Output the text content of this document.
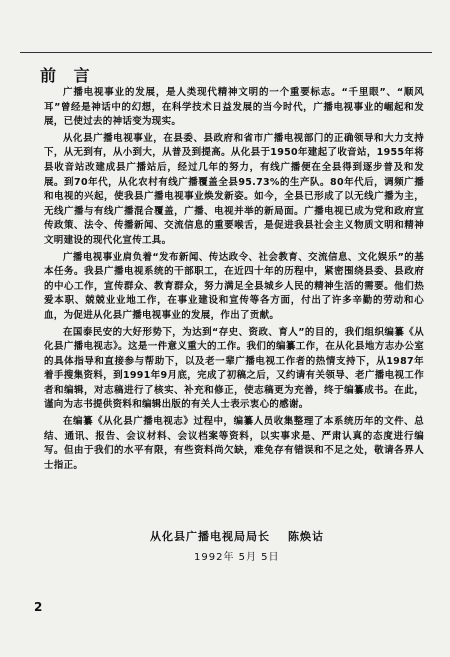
前 言

广播电视事业的发展，是人类现代精神文明的一个重要标志。“千里眼”、“顺风耳”曾经是神话中的幻想，在科学技术日益发展的当今时代，广播电视事业的崛起和发展，已使过去的神话变为现实。

从化县广播电视事业，在县委、县政府和省市广播电视部门的正确领导和大力支持下，从无到有，从小到大，从普及到提高。从化县于1950年建起了收音站，1955年将县收音站改建成县广播站后，经过几年的努力，有线广播便在全县得到逐步普及和发展。到70年代，从化农村有线广播覆盖全县95.73%的生产队。80年代后，调频广播和电视的兴起，使我县广播电视事业焕发新姿。如今，全县已形成了以无线广播为主，无线广播与有线广播混合覆盖，广播、电视并举的新局面。广播电视已成为党和政府宣传政策、法令、传播新闻、交流信息的重要喉舌，是促进我县社会主义物质文明和精神文明建设的现代化宣传工具。

广播电视事业肩负着“发布新闻、传达政令、社会教育、交流信息、文化娱乐”的基本任务。我县广播电视系统的干部职工，在近四十年的历程中，紧密围绕县委、县政府的中心工作，宣传群众、教育群众，努力满足全县城乡人民的精神生活的需要。他们热爱本职、兢兢业业地工作，在事业建设和宣传等各方面，付出了许多辛勤的劳动和心血，为促进从化县广播电视事业的发展，作出了贡献。

在国泰民安的大好形势下，为达到“存史、资政、育人”的目的，我们组织编纂《从化县广播电视志》。这是一件意义重大的工作。我们的编纂工作，在从化县地方志办公室的具体指导和直接参与帮助下，以及老一辈广播电视工作者的热情支持下，从1987年着手搜集资料，到1991年9月底，完成了初稿之后，又约请有关领导、老广播电视工作者和编辑，对志稿进行了核实、补充和修正，使志稿更为充善，终于编纂成书。在此，谨向为志书提供资料和编辑出版的有关人士表示衷心的感谢。

在编纂《从化县广播电视志》过程中，编纂人员收集整理了本系统历年的文件、总结、通讯、报告、会议材料、会议档案等资料，以实事求是、严肃认真的态度进行编写。但由于我们的水平有限，有些资料尚欠缺，难免存有错误和不足之处，敬请各界人士指正。

从化县广播电视局局长 陈焕诂
1992年 5月 5日
2
